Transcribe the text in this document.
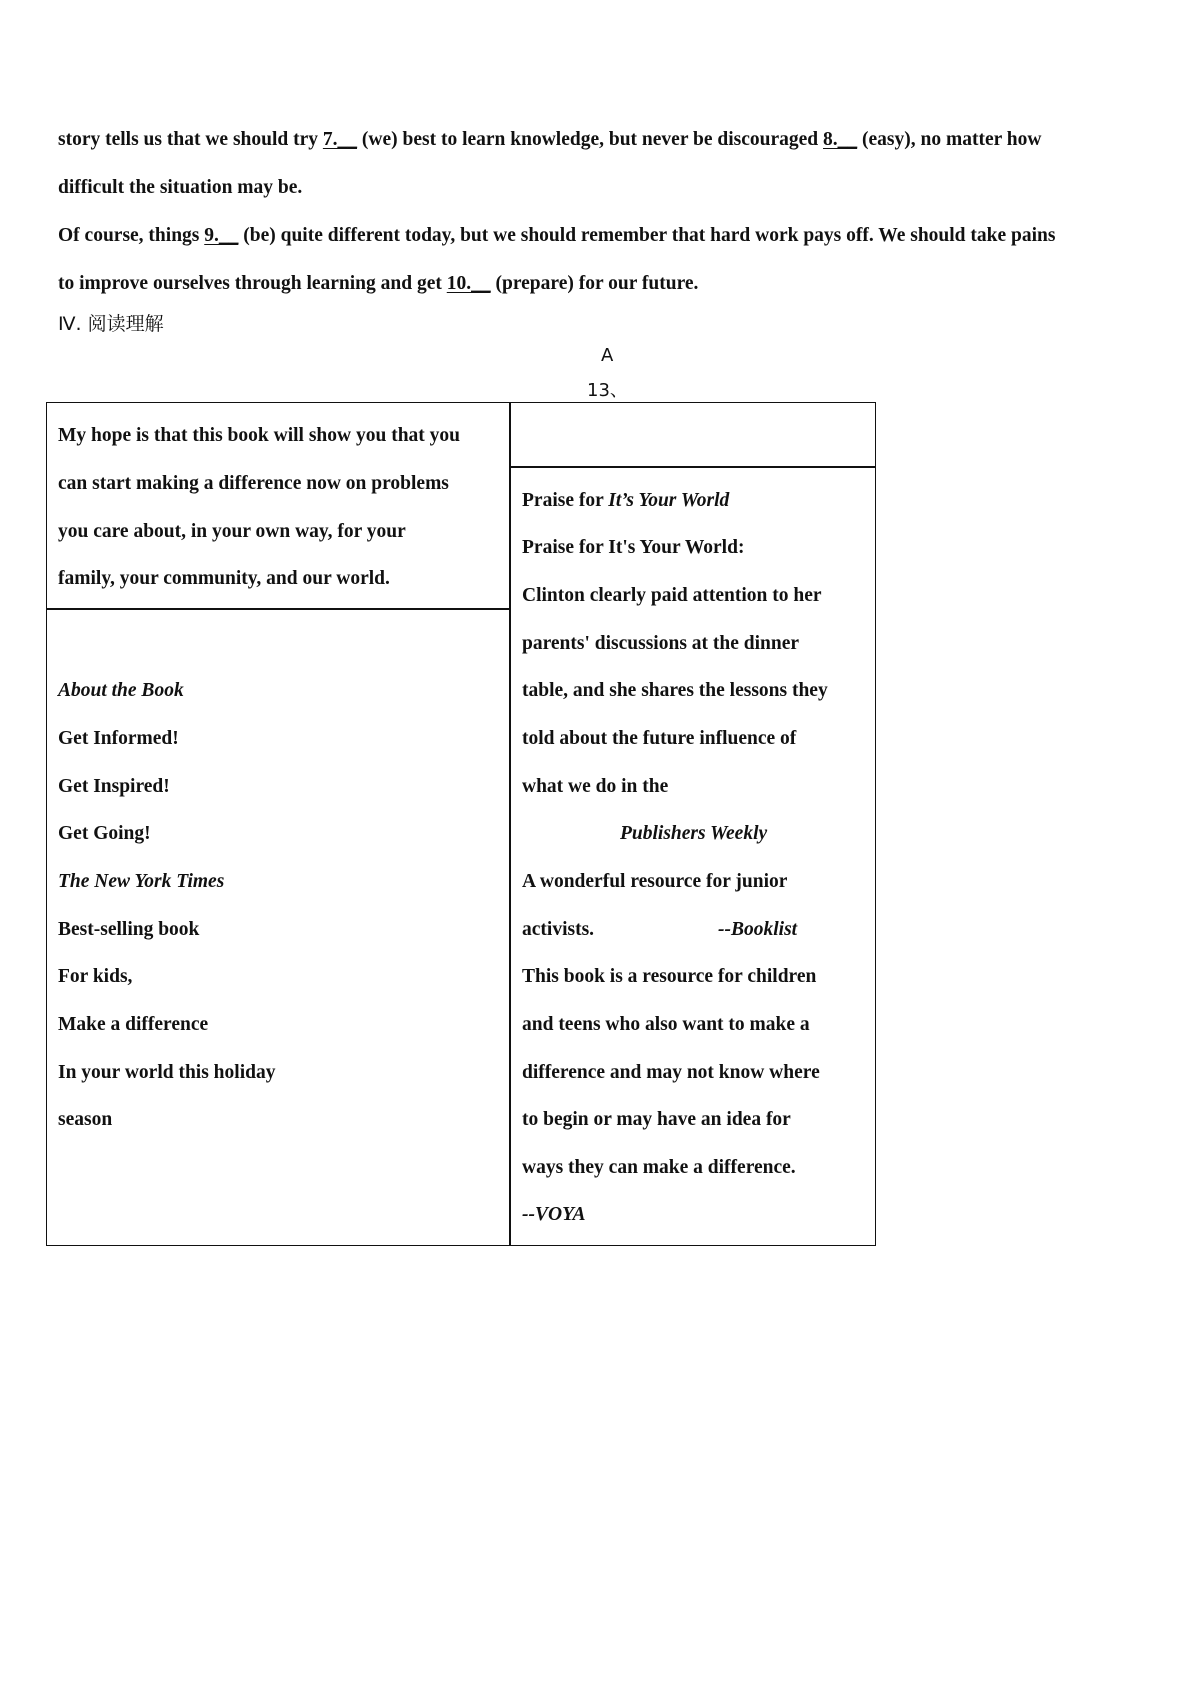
story tells us that we should try 7.__ (we) best to learn knowledge, but never be discouraged 8.__ (easy), no matter how
difficult the situation may be.
Of course, things 9.__ (be) quite different today, but we should remember that hard work pays off. We should take pains
to improve ourselves through learning and get 10.__ (prepare) for our future.
Ⅳ. 阅读理解
A
13、
My hope is that this book will show you that you
can start making a difference now on problems
you care about, in your own way, for your
family, your community, and our world.
About the Book
Get Informed!
Get Inspired!
Get Going!
The New York Times
Best-selling book
For kids,
Make a difference
In your world this holiday
season
Praise for It’s Your World
Praise for It's Your World:
Clinton clearly paid attention to her
parents' discussions at the dinner
table, and she shares the lessons they
told about the future influence of
what we do in the
Publishers Weekly
A wonderful resource for junior
activists.	--Booklist
This book is a resource for children
and teens who also want to make a
difference and may not know where
to begin or may have an idea for
ways they can make a difference.
--VOYA
